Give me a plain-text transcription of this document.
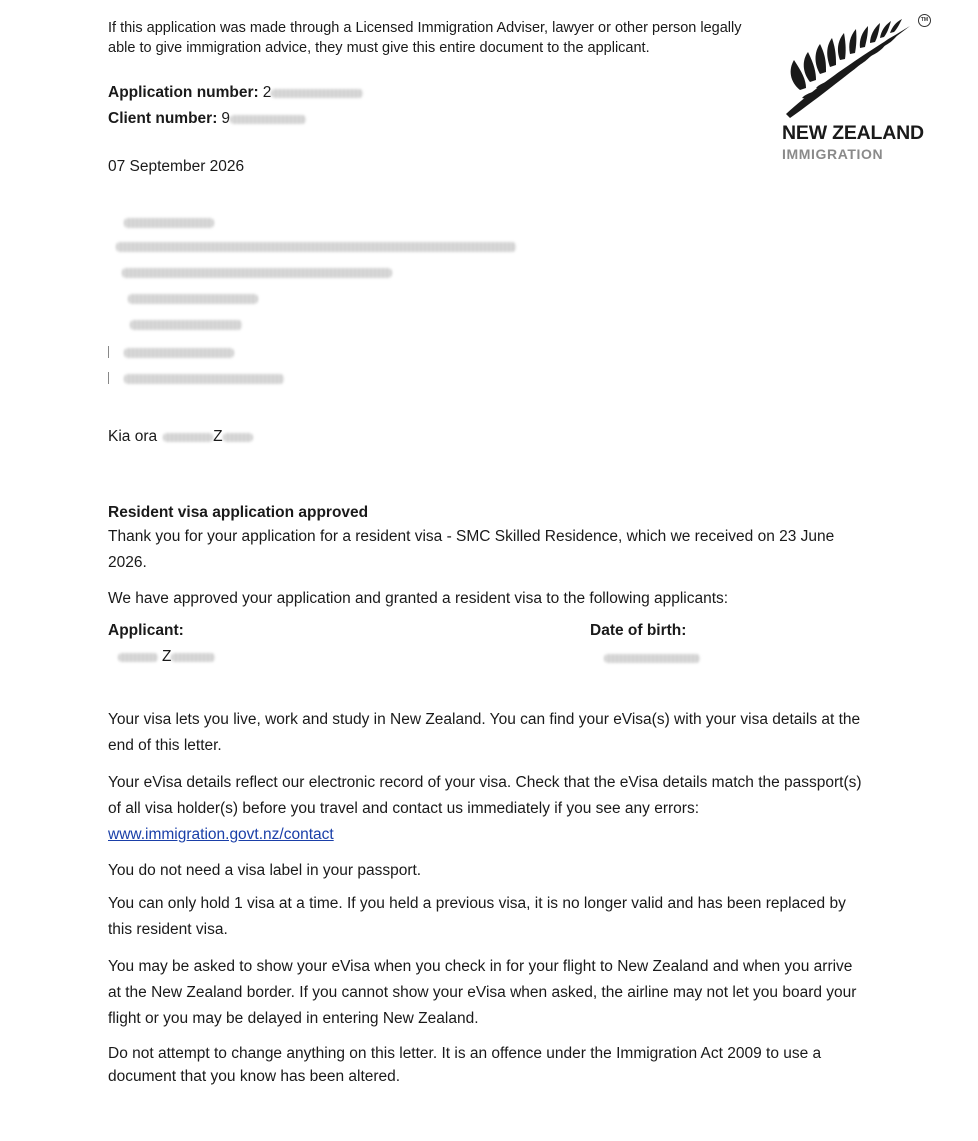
If this application was made through a Licensed Immigration Adviser, lawyer or other person legally able to give immigration advice, they must give this entire document to the applicant.
Application number: 2
Client number: 9
07 September 2026
Kia ora	Z
Resident visa application approved
Thank you for your application for a resident visa - SMC Skilled Residence, which we received on 23 June 2026.
We have approved your application and granted a resident visa to the following applicants:
Applicant:	Date of birth:
Z
Your visa lets you live, work and study in New Zealand. You can find your eVisa(s) with your visa details at the end of this letter.
Your eVisa details reflect our electronic record of your visa. Check that the eVisa details match the passport(s) of all visa holder(s) before you travel and contact us immediately if you see any errors:
www.immigration.govt.nz/contact
You do not need a visa label in your passport.
You can only hold 1 visa at a time. If you held a previous visa, it is no longer valid and has been replaced by this resident visa.
You may be asked to show your eVisa when you check in for your flight to New Zealand and when you arrive at the New Zealand border. If you cannot show your eVisa when asked, the airline may not let you board your flight or you may be delayed in entering New Zealand.
Do not attempt to change anything on this letter. It is an offence under the Immigration Act 2009 to use a document that you know has been altered.
TM
NEW ZEALAND
IMMIGRATION
